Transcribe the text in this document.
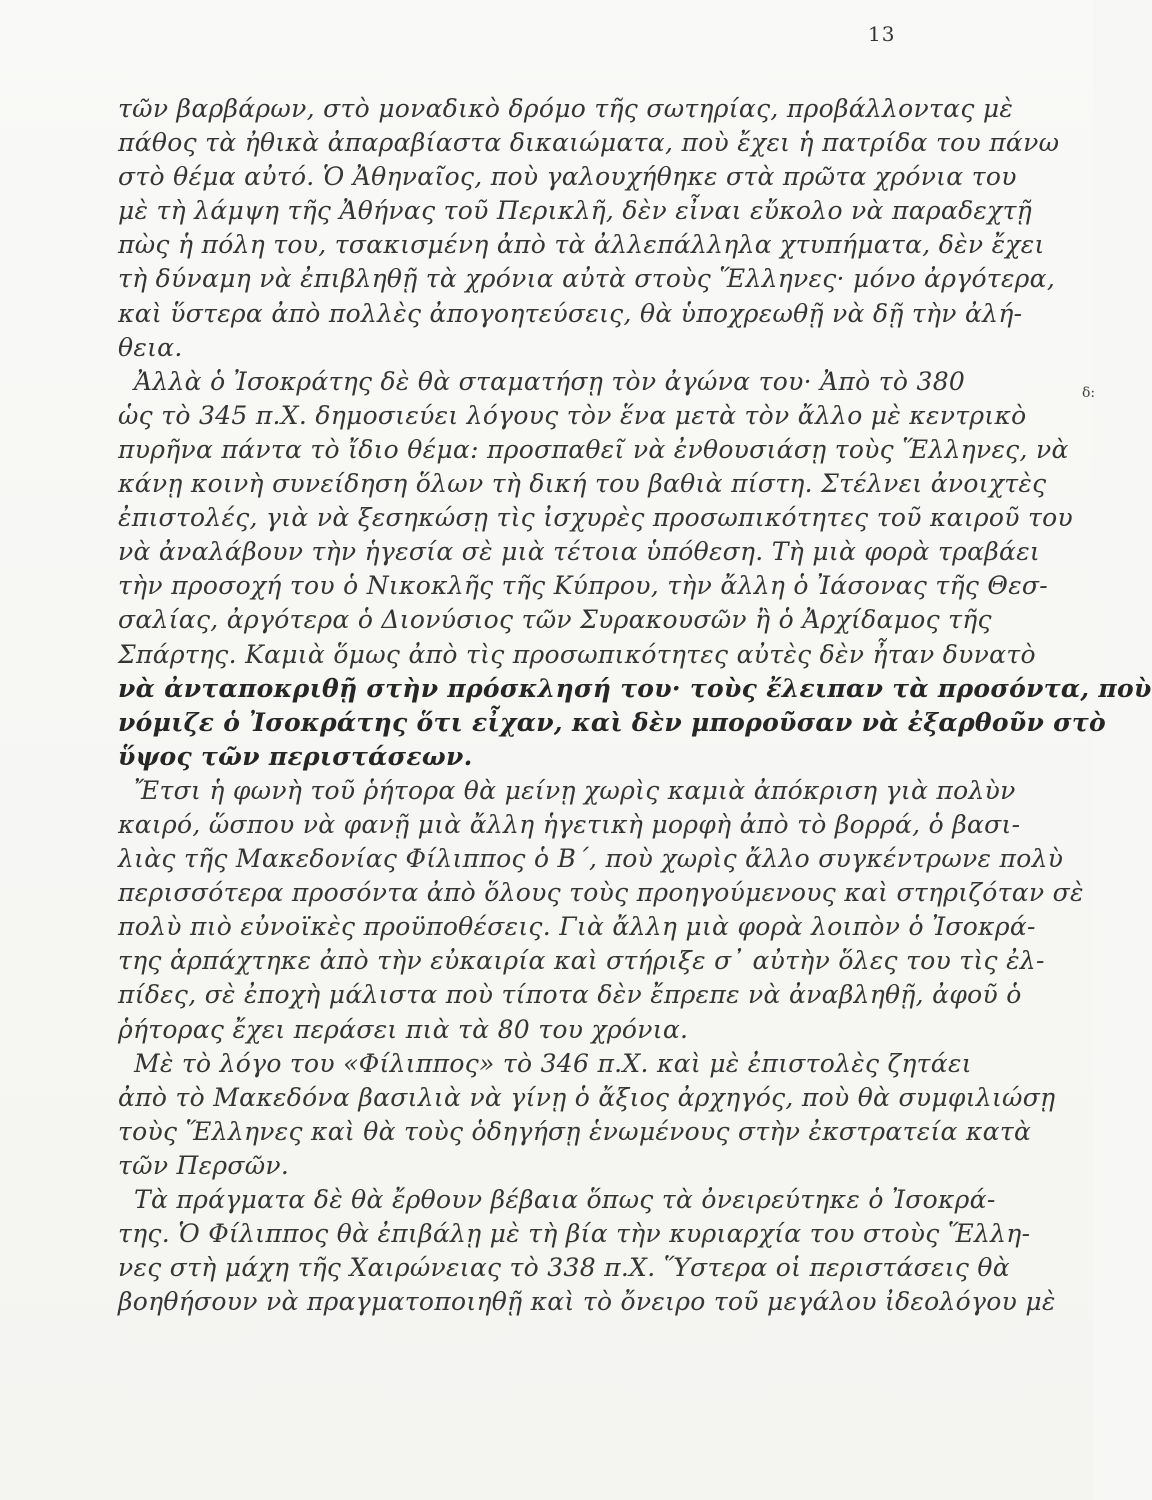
13
τῶν βαρβάρων, στὸ μοναδικὸ δρόμο τῆς σωτηρίας, προβάλλοντας μὲ
πάθος τὰ ἠθικὰ ἀπαραβίαστα δικαιώματα, ποὺ ἔχει ἡ πατρίδα του πάνω
στὸ θέμα αὐτό. Ὁ Ἀθηναῖος, ποὺ γαλουχήθηκε στὰ πρῶτα χρόνια του
μὲ τὴ λάμψη τῆς Ἀθήνας τοῦ Περικλῆ, δὲν εἶναι εὔκολο νὰ παραδεχτῇ
πὼς ἡ πόλη του, τσακισμένη ἀπὸ τὰ ἀλλεπάλληλα χτυπήματα, δὲν ἔχει
τὴ δύναμη νὰ ἐπιβληθῇ τὰ χρόνια αὐτὰ στοὺς Ἕλληνες· μόνο ἀργότερα,
καὶ ὕστερα ἀπὸ πολλὲς ἀπογοητεύσεις, θὰ ὑποχρεωθῇ νὰ δῇ τὴν ἀλή-
θεια.
Ἀλλὰ ὁ Ἰσοκράτης δὲ θὰ σταματήσῃ τὸν ἀγώνα του· Ἀπὸ τὸ 380
ὡς τὸ 345 π.Χ. δημοσιεύει λόγους τὸν ἕνα μετὰ τὸν ἄλλο μὲ κεντρικὸ
πυρῆνα πάντα τὸ ἴδιο θέμα: προσπαθεῖ νὰ ἐνθουσιάσῃ τοὺς Ἕλληνες, νὰ
κάνῃ κοινὴ συνείδηση ὅλων τὴ δική του βαθιὰ πίστη. Στέλνει ἀνοιχτὲς
ἐπιστολές, γιὰ νὰ ξεσηκώσῃ τὶς ἰσχυρὲς προσωπικότητες τοῦ καιροῦ του
νὰ ἀναλάβουν τὴν ἡγεσία σὲ μιὰ τέτοια ὑπόθεση. Τὴ μιὰ φορὰ τραβάει
τὴν προσοχή του ὁ Νικοκλῆς τῆς Κύπρου, τὴν ἄλλη ὁ Ἰάσονας τῆς Θεσ-
σαλίας, ἀργότερα ὁ Διονύσιος τῶν Συρακουσῶν ἢ ὁ Ἀρχίδαμος τῆς
Σπάρτης. Καμιὰ ὅμως ἀπὸ τὶς προσωπικότητες αὐτὲς δὲν ἦταν δυνατὸ
νὰ ἀνταποκριθῇ στὴν πρόσκλησή του· τοὺς ἔλειπαν τὰ προσόντα, ποὺ
νόμιζε ὁ Ἰσοκράτης ὅτι εἶχαν, καὶ δὲν μποροῦσαν νὰ ἐξαρθοῦν στὸ
ὕψος τῶν περιστάσεων.
Ἔτσι ἡ φωνὴ τοῦ ῥήτορα θὰ μείνῃ χωρὶς καμιὰ ἀπόκριση γιὰ πολὺν
καιρό, ὥσπου νὰ φανῇ μιὰ ἄλλη ἡγετικὴ μορφὴ ἀπὸ τὸ βορρά, ὁ βασι-
λιὰς τῆς Μακεδονίας Φίλιππος ὁ Β΄, ποὺ χωρὶς ἄλλο συγκέντρωνε πολὺ
περισσότερα προσόντα ἀπὸ ὅλους τοὺς προηγούμενους καὶ στηριζόταν σὲ
πολὺ πιὸ εὐνοϊκὲς προϋποθέσεις. Γιὰ ἄλλη μιὰ φορὰ λοιπὸν ὁ Ἰσοκρά-
της ἁρπάχτηκε ἀπὸ τὴν εὐκαιρία καὶ στήριξε σ᾽ αὐτὴν ὅλες του τὶς ἐλ-
πίδες, σὲ ἐποχὴ μάλιστα ποὺ τίποτα δὲν ἔπρεπε νὰ ἀναβληθῇ, ἀφοῦ ὁ
ῥήτορας ἔχει περάσει πιὰ τὰ 80 του χρόνια.
Μὲ τὸ λόγο του «Φίλιππος» τὸ 346 π.Χ. καὶ μὲ ἐπιστολὲς ζητάει
ἀπὸ τὸ Μακεδόνα βασιλιὰ νὰ γίνῃ ὁ ἄξιος ἀρχηγός, ποὺ θὰ συμφιλιώσῃ
τοὺς Ἕλληνες καὶ θὰ τοὺς ὁδηγήσῃ ἑνωμένους στὴν ἐκστρατεία κατὰ
τῶν Περσῶν.
Τὰ πράγματα δὲ θὰ ἔρθουν βέβαια ὅπως τὰ ὀνειρεύτηκε ὁ Ἰσοκρά-
της. Ὁ Φίλιππος θὰ ἐπιβάλῃ μὲ τὴ βία τὴν κυριαρχία του στοὺς Ἕλλη-
νες στὴ μάχη τῆς Χαιρώνειας τὸ 338 π.Χ. Ὕστερα οἱ περιστάσεις θὰ
βοηθήσουν νὰ πραγματοποιηθῇ καὶ τὸ ὄνειρο τοῦ μεγάλου ἰδεολόγου μὲ
δ:
